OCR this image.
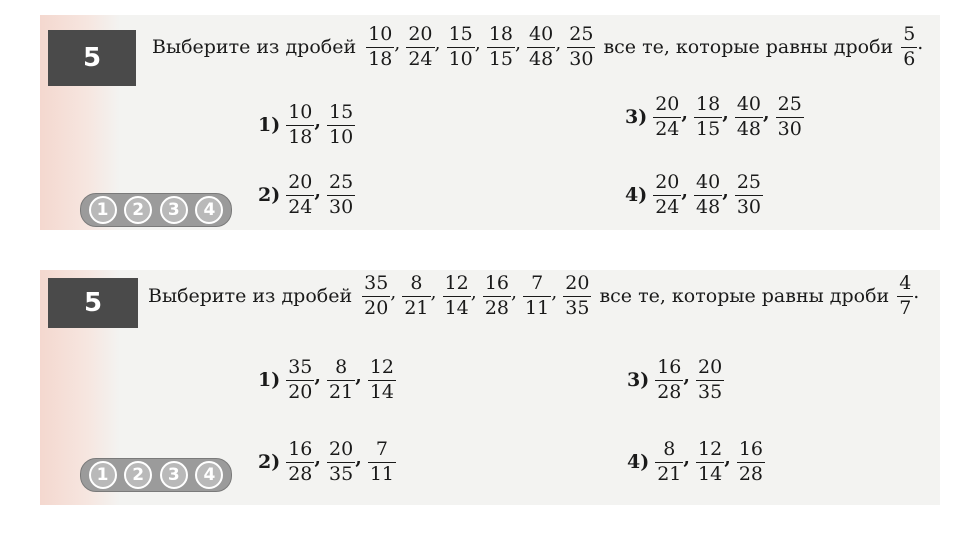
5	Выберите из дробей $\frac{10}{18}$ , $\frac{20}{24}$ , $\frac{15}{10}$ , $\frac{18}{15}$ , $\frac{40}{48}$ , $\frac{25}{30}$ все те, которые равны дроби $\frac{5}{6}$ .
$1) \frac{10}{18}$ , $\frac{15}{10}$
$2) \frac{20}{24}$ , $\frac{25}{30}$
$3) \frac{20}{24}$ , $\frac{18}{15}$ , $\frac{40}{48}$ , $\frac{25}{30}$
$4) \frac{20}{24}$ , $\frac{40}{48}$ , $\frac{25}{30}$
1	2	3	4
5	Выберите из дробей $\frac{35}{20}$ , $\frac{8}{21}$ , $\frac{12}{14}$ , $\frac{16}{28}$ , $\frac{7}{11}$ , $\frac{20}{35}$ все те, которые равны дроби $\frac{4}{7}$ .
$1) \frac{35}{20}$ , $\frac{8}{21}$ , $\frac{12}{14}$
$2) \frac{16}{28}$ , $\frac{20}{35}$ , $\frac{7}{11}$
$3) \frac{16}{28}$ , $\frac{20}{35}$
$4) \frac{8}{21}$ , $\frac{12}{14}$ , $\frac{16}{28}$
1	2	3	4
